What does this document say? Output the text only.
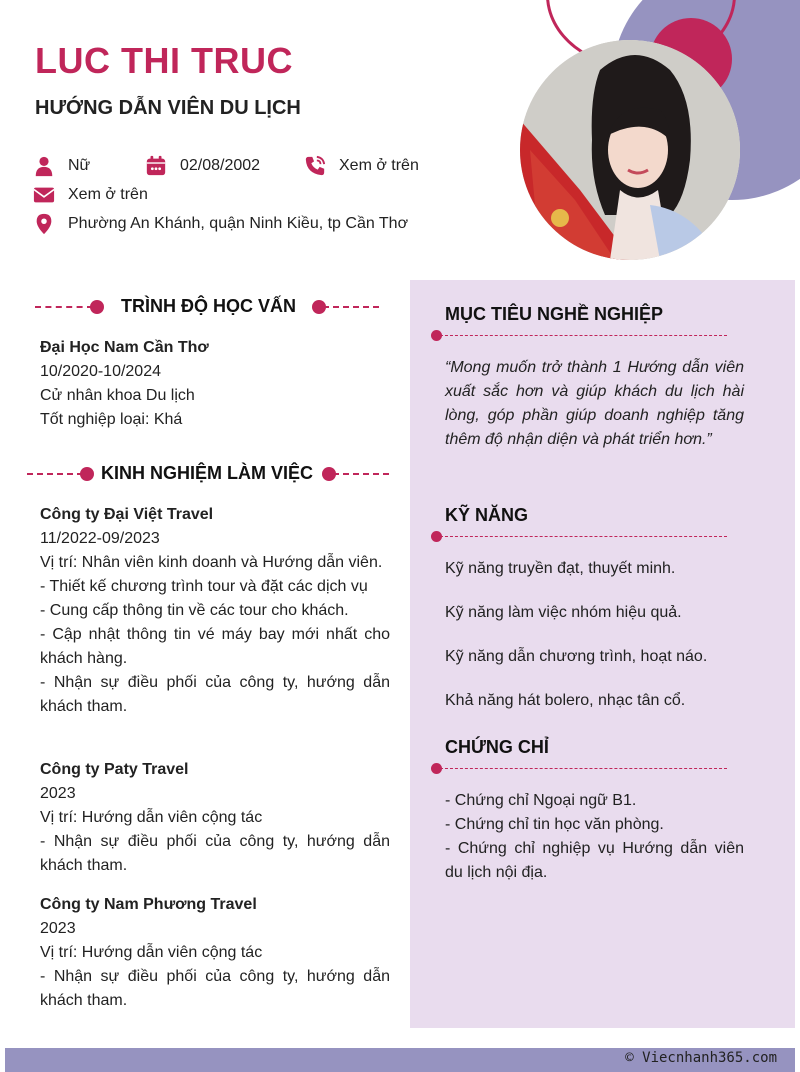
LUC THI TRUC
HƯỚNG DẪN VIÊN DU LỊCH
Nữ	02/08/2002	Xem ở trên
Xem ở trên
Phường An Khánh, quận Ninh Kiều, tp Cần Thơ
TRÌNH ĐỘ HỌC VẤN

Đại Học Nam Cần Thơ

10/2020-10/2024

Cử nhân khoa Du lịch

Tốt nghiệp loại: Khá

KINH NGHIỆM LÀM VIỆC

Công ty Đại Việt Travel

11/2022-09/2023

Vị trí: Nhân viên kinh doanh và Hướng dẫn viên.

- Thiết kế chương trình tour và đặt các dịch vụ

- Cung cấp thông tin về các tour cho khách.

- Cập nhật thông tin vé máy bay mới nhất cho khách hàng.

- Nhận sự điều phối của công ty, hướng dẫn khách tham.

Công ty Paty Travel

2023

Vị trí: Hướng dẫn viên cộng tác

- Nhận sự điều phối của công ty, hướng dẫn khách tham.

Công ty Nam Phương Travel

2023

Vị trí: Hướng dẫn viên cộng tác

- Nhận sự điều phối của công ty, hướng dẫn khách tham.

MỤC TIÊU NGHỀ NGHIỆP

“Mong muốn trở thành 1 Hướng dẫn viên xuất sắc hơn và giúp khách du lịch hài lòng, góp phần giúp doanh nghiệp tăng thêm độ nhận diện và phát triển hơn.”

KỸ NĂNG

Kỹ năng truyền đạt, thuyết minh.

Kỹ năng làm việc nhóm hiệu quả.

Kỹ năng dẫn chương trình, hoạt náo.

Khả năng hát bolero, nhạc tân cổ.

CHỨNG CHỈ

- Chứng chỉ Ngoại ngữ B1.

- Chứng chỉ tin học văn phòng.

- Chứng chỉ nghiệp vụ Hướng dẫn viên du lịch nội địa.

© Viecnhanh365.com
